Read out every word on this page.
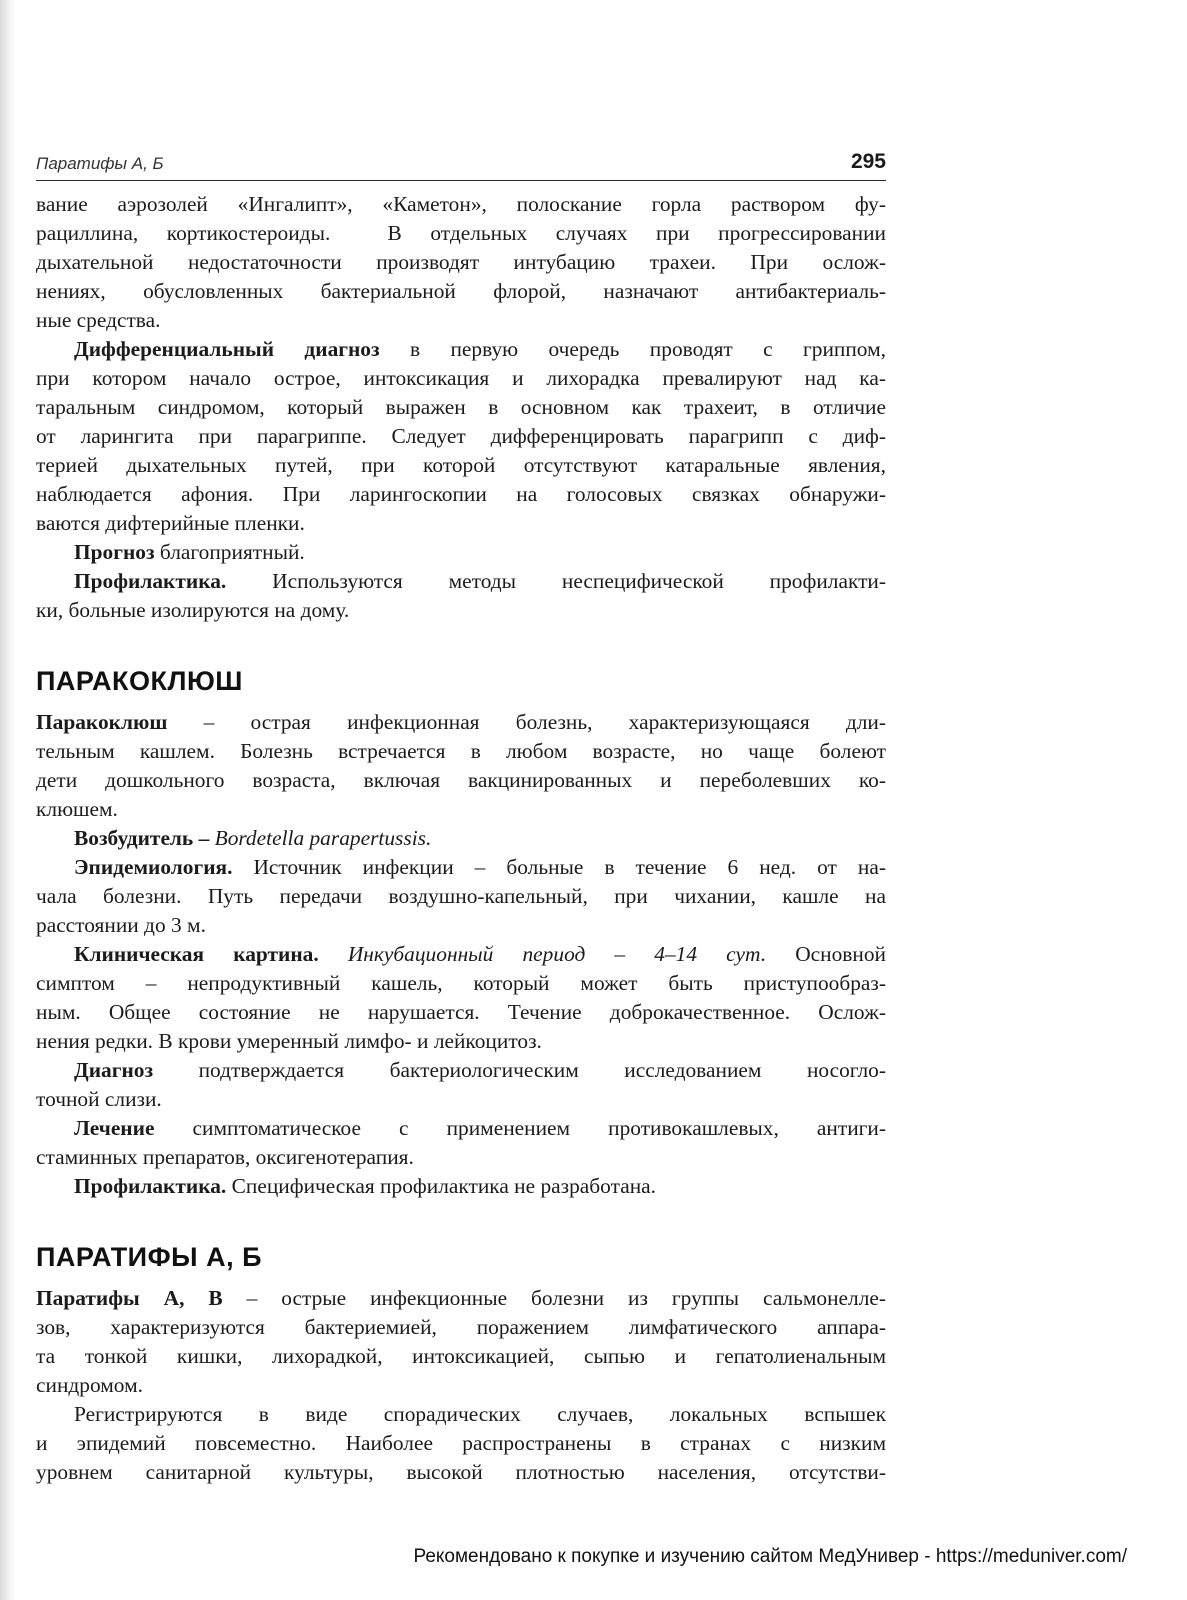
Паратифы А, Б	295

вание аэрозолей «Ингалипт», «Каметон», полоскание горла раствором фу-
рациллина, кортикостероиды.  В отдельных случаях при прогрессировании
дыхательной недостаточности производят интубацию трахеи. При ослож-
нениях, обусловленных бактериальной флорой, назначают антибактериаль-
ные средства.

Дифференциальный диагноз в первую очередь проводят с гриппом,
при котором начало острое, интоксикация и лихорадка превалируют над ка-
таральным синдромом, который выражен в основном как трахеит, в отличие
от ларингита при парагриппе. Следует дифференцировать парагрипп с диф-
терией дыхательных путей, при которой отсутствуют катаральные явления,
наблюдается афония. При ларингоскопии на голосовых связках обнаружи-
ваются дифтерийные пленки.

Прогноз благоприятный.

Профилактика. Используются методы неспецифической профилакти-
ки, больные изолируются на дому.

ПАРАКОКЛЮШ

Паракоклюш – острая инфекционная болезнь, характеризующаяся дли-
тельным кашлем. Болезнь встречается в любом возрасте, но чаще болеют
дети дошкольного возраста, включая вакцинированных и переболевших ко-
клюшем.

Возбудитель – Bordetella parapertussis.

Эпидемиология. Источник инфекции – больные в течение 6 нед. от на-
чала болезни. Путь передачи воздушно-капельный, при чихании, кашле на
расстоянии до 3 м.

Клиническая картина. Инкубационный период – 4–14 сут. Основной
симптом – непродуктивный кашель, который может быть приступообраз-
ным. Общее состояние не нарушается. Течение доброкачественное. Ослож-
нения редки. В крови умеренный лимфо- и лейкоцитоз.

Диагноз подтверждается бактериологическим исследованием носогло-
точной слизи.

Лечение симптоматическое с применением противокашлевых, антиги-
стаминных препаратов, оксигенотерапия.

Профилактика. Специфическая профилактика не разработана.

ПАРАТИФЫ А, Б

Паратифы А, В – острые инфекционные болезни из группы сальмонелле-
зов, характеризуются бактериемией, поражением лимфатического аппара-
та тонкой кишки, лихорадкой, интоксикацией, сыпью и гепатолиенальным
синдромом.

Регистрируются в виде спорадических случаев, локальных вспышек
и эпидемий повсеместно. Наиболее распространены в странах с низким
уровнем санитарной культуры, высокой плотностью населения, отсутстви-

Рекомендовано к покупке и изучению сайтом МедУнивер - https://meduniver.com/
